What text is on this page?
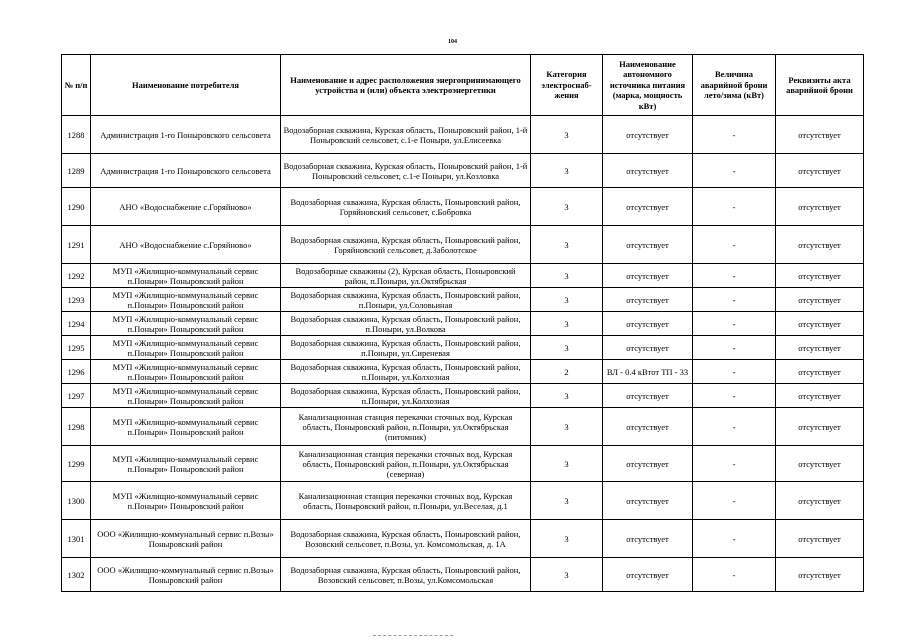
104
№ п/п	Наименование потребителя	Наименование и адрес расположения энергопринимающего устройства и (или) объекта электроэнергетики	Категория электроснаб-жения	Наименование автономного источника питания (марка, мощность кВт)	Величина аварийной брони лето/зима (кВт)	Реквизиты акта аварийной брони
1288	Администрация 1-го Поныровского сельсовета	Водозаборная скважина, Курская область, Поныровский район, 1-й Поныровский сельсовет, с.1-е Поныри, ул.Елисеевка	3	отсутствует	-	отсутствует
1289	Администрация 1-го Поныровского сельсовета	Водозаборная скважина, Курская область, Поныровский район, 1-й Поныровский сельсовет, с.1-е Поныри, ул.Козловка	3	отсутствует	-	отсутствует
1290	АНО «Водоснабжение с.Горяйново»	Водозаборная скважина, Курская область, Поныровский район, Горяйновский сельсовет, с.Бобровка	3	отсутствует	-	отсутствует
1291	АНО «Водоснабжение с.Горяйново»	Водозаборная скважина, Курская область, Поныровский район, Горяйновский сельсовет, д.Заболотское	3	отсутствует	-	отсутствует
1292	МУП «Жилищно-коммунальный сервис п.Поныри» Поныровский район	Водозаборные скважины (2), Курская область, Поныровский район, п.Поныри, ул.Октябрьская	3	отсутствует	-	отсутствует
1293	МУП «Жилищно-коммунальный сервис п.Поныри» Поныровский район	Водозаборная скважина, Курская область, Поныровский район, п.Поныри, ул.Соловьиная	3	отсутствует	-	отсутствует
1294	МУП «Жилищно-коммунальный сервис п.Поныри» Поныровский район	Водозаборная скважина, Курская область, Поныровский район, п.Поныри, ул.Волкова	3	отсутствует	-	отсутствует
1295	МУП «Жилищно-коммунальный сервис п.Поныри» Поныровский район	Водозаборная скважина, Курская область, Поныровский район, п.Поныри, ул.Сиреневая	3	отсутствует	-	отсутствует
1296	МУП «Жилищно-коммунальный сервис п.Поныри» Поныровский район	Водозаборная скважина, Курская область, Поныровский район, п.Поныри, ул.Колхозная	2	ВЛ - 0.4 кВтот ТП - 33	-	отсутствует
1297	МУП «Жилищно-коммунальный сервис п.Поныри» Поныровский район	Водозаборная скважина, Курская область, Поныровский район, п.Поныри, ул.Колхозная	3	отсутствует	-	отсутствует
1298	МУП «Жилищно-коммунальный сервис п.Поныри» Поныровский район	Канализационная станция перекачки сточных вод, Курская область, Поныровский район, п.Поныри, ул.Октябрьская (питомник)	3	отсутствует	-	отсутствует
1299	МУП «Жилищно-коммунальный сервис п.Поныри» Поныровский район	Канализационная станция перекачки сточных вод, Курская область, Поныровский район, п.Поныри, ул.Октябрьская (северная)	3	отсутствует	-	отсутствует
1300	МУП «Жилищно-коммунальный сервис п.Поныри» Поныровский район	Канализационная станция перекачки сточных вод, Курская область, Поныровский район, п.Поныри, ул.Веселая, д.1	3	отсутствует	-	отсутствует
1301	ООО «Жилищно-коммунальный сервис п.Возы» Поныровский район	Водозаборная скважина, Курская область, Поныровский район, Возовский сельсовет, п.Возы, ул. Комсомольская, д. 1А	3	отсутствует	-	отсутствует
1302	ООО «Жилищно-коммунальный сервис п.Возы» Поныровский район	Водозаборная скважина, Курская область, Поныровский район, Возовский сельсовет, п.Возы, ул.Комсомольская	3	отсутствует	-	отсутствует
